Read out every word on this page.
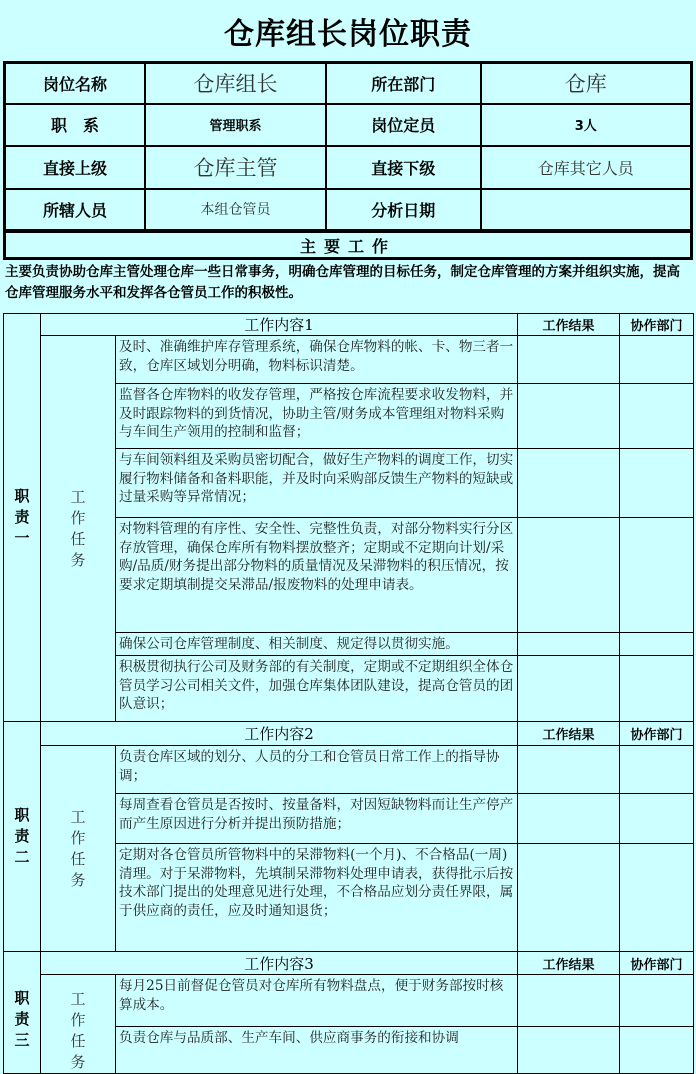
仓库组长岗位职责
岗位名称	仓库组长	所在部门	仓库
职　系	管理职系	岗位定员	3人
直接上级	仓库主管	直接下级	仓库其它人员
所辖人员	本组仓管员	分析日期	
主要工作
主要负责协助仓库主管处理仓库一些日常事务，明确仓库管理的目标任务，制定仓库管理的方案并组织实施，提高仓库管理服务水平和发挥各仓管员工作的积极性。
职责一	工作内容1		工作结果	协作部门
	工作任务	及时、准确维护库存管理系统，确保仓库物料的帐、卡、物三者一致，仓库区域划分明确，物料标识清楚。		
		监督各仓库物料的收发存管理，严格按仓库流程要求收发物料，并及时跟踪物料的到货情况，协助主管/财务成本管理组对物料采购与车间生产领用的控制和监督；		
		与车间领料组及采购员密切配合，做好生产物料的调度工作，切实履行物料储备和备料职能，并及时向采购部反馈生产物料的短缺或过量采购等异常情况；		
		对物料管理的有序性、安全性、完整性负责，对部分物料实行分区存放管理，确保仓库所有物料摆放整齐；定期或不定期向计划/采购/品质/财务提出部分物料的质量情况及呆滞物料的积压情况，按要求定期填制提交呆滞品/报废物料的处理申请表。		
		确保公司仓库管理制度、相关制度、规定得以贯彻实施。		
		积极贯彻执行公司及财务部的有关制度，定期或不定期组织全体仓管员学习公司相关文件，加强仓库集体团队建设，提高仓管员的团队意识；		
职责二	工作内容2		工作结果	协作部门
	工作任务	负责仓库区域的划分、人员的分工和仓管员日常工作上的指导协调；		
		每周查看仓管员是否按时、按量备料，对因短缺物料而让生产停产而产生原因进行分析并提出预防措施；		
		定期对各仓管员所管物料中的呆滞物料(一个月)、不合格品(一周)清理。对于呆滞物料，先填制呆滞物料处理申请表，获得批示后按技术部门提出的处理意见进行处理，不合格品应划分责任界限，属于供应商的责任，应及时通知退货；		
职责三	工作内容3		工作结果	协作部门
	工作任务	每月25日前督促仓管员对仓库所有物料盘点，便于财务部按时核算成本。		
		负责仓库与品质部、生产车间、供应商事务的衔接和协调		
